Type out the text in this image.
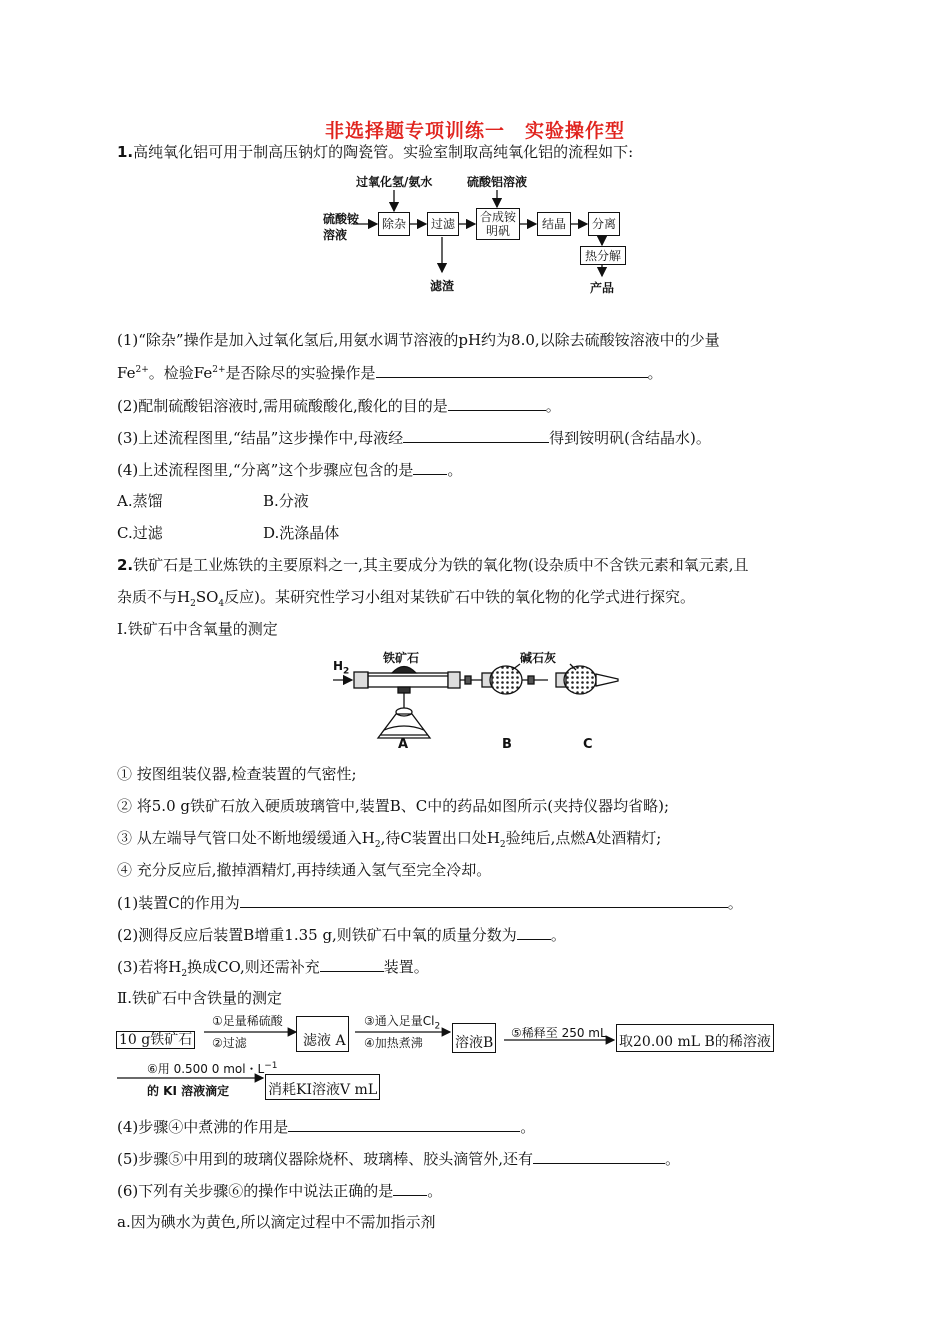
非选择题专项训练一　实验操作型
1.高纯氧化铝可用于制高压钠灯的陶瓷管。实验室制取高纯氧化铝的流程如下:
过氧化氢/氨水	硫酸铝溶液
硫酸铵
溶液
除杂 过滤 合成铵
明矾	结晶 分离
热分解
滤渣	产品
(1)“除杂”操作是加入过氧化氢后,用氨水调节溶液的pH约为8.0,以除去硫酸铵溶液中的少量
$Fe^{2+}$。检验$Fe^{2+}$是否除尽的实验操作是	。
(2)配制硫酸铝溶液时,需用硫酸酸化,酸化的目的是	。
(3)上述流程图里,“结晶”这步操作中,母液经	得到铵明矾(含结晶水)。
(4)上述流程图里,“分离”这个步骤应包含的是 。
A.蒸馏	B.分液
C.过滤	D.洗涤晶体
2.铁矿石是工业炼铁的主要原料之一,其主要成分为铁的氧化物(设杂质中不含铁元素和氧元素,且
杂质不与$H_2SO_4$反应)。某研究性学习小组对某铁矿石中铁的氧化物的化学式进行探究。
Ⅰ.铁矿石中含氧量的测定
$H_2$
铁矿石	碱石灰
A	B	C
① 按图组装仪器,检查装置的气密性;
② 将5.0 g铁矿石放入硬质玻璃管中,装置B、C中的药品如图所示(夹持仪器均省略);
③ 从左端导气管口处不断地缓缓通入$H_2$,待C装置出口处$H_2$验纯后,点燃A处酒精灯;
④ 充分反应后,撤掉酒精灯,再持续通入氢气至完全冷却。
(1)装置C的作用为	。
(2)测得反应后装置B增重1.35 g,则铁矿石中氧的质量分数为 。
(3)若将$H_2$换成CO,则还需补充	装置。
Ⅱ.铁矿石中含铁量的测定
10 g铁矿石
①足量稀硫酸
②过滤	滤液 A
③通入足量$Cl_2$
④加热煮沸 溶液B
⑤稀释至 250 mL
取20.00 mL B的稀溶液
⑥用 0.500 0 mol・$L^{-1}$
的 KI 溶液滴定	消耗KI溶液V mL
(4)步骤④中煮沸的作用是	。
(5)步骤⑤中用到的玻璃仪器除烧杯、玻璃棒、胶头滴管外,还有	。
(6)下列有关步骤⑥的操作中说法正确的是 。
a.因为碘水为黄色,所以滴定过程中不需加指示剂
